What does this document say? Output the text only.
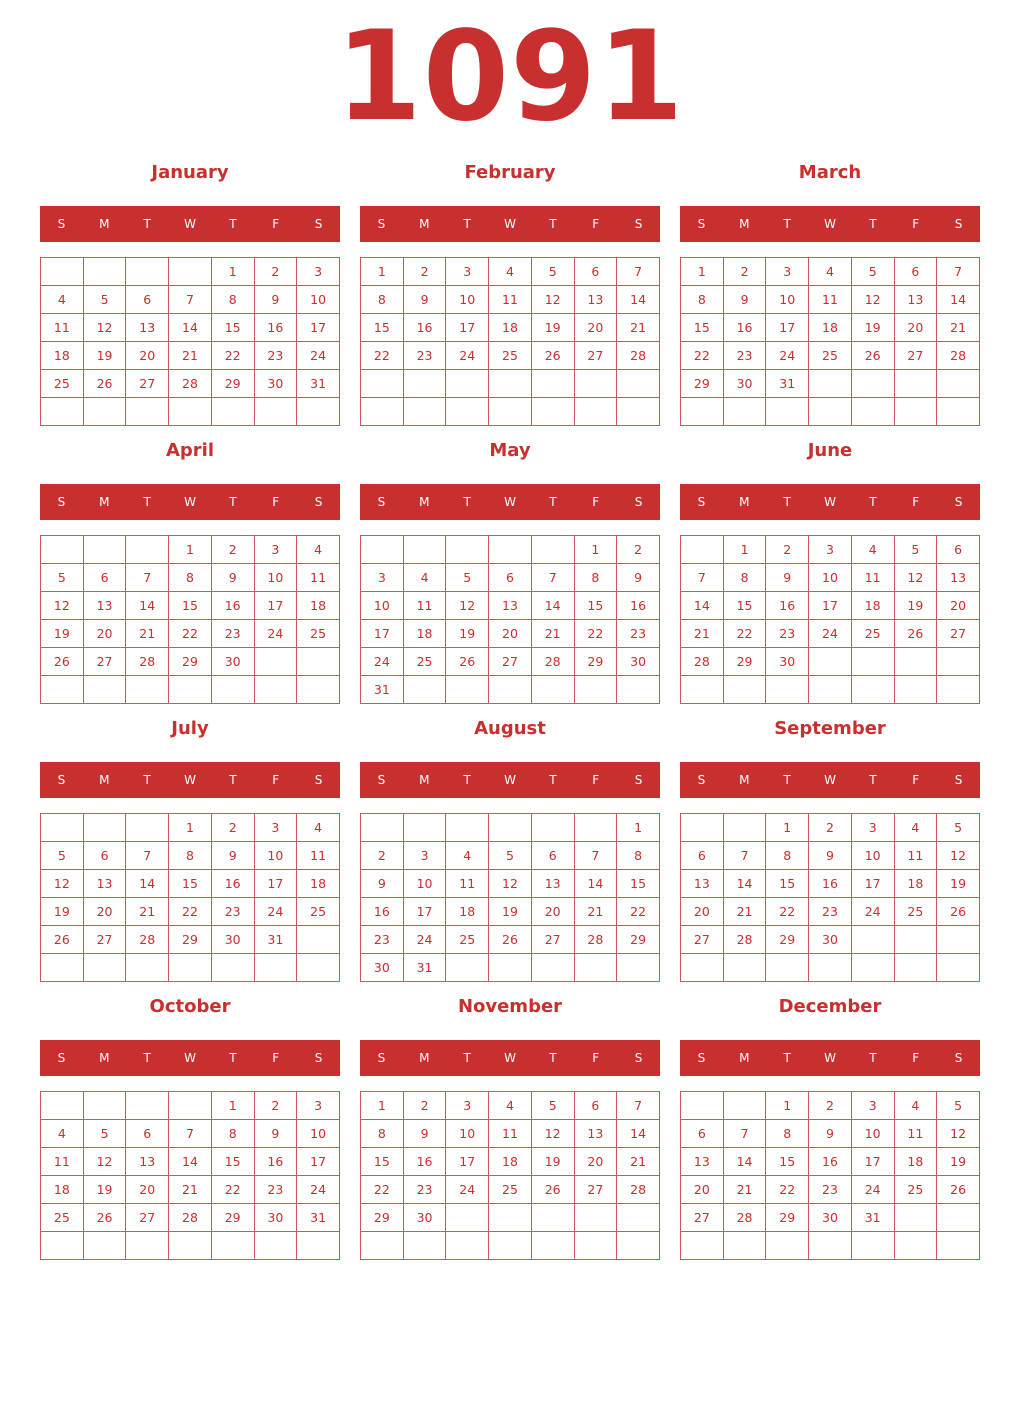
1091
January
S	M	T	W	T	F	S
				1	2	3
4	5	6	7	8	9	10
11	12	13	14	15	16	17
18	19	20	21	22	23	24
25	26	27	28	29	30	31

February
S	M	T	W	T	F	S
1	2	3	4	5	6	7
8	9	10	11	12	13	14
15	16	17	18	19	20	21
22	23	24	25	26	27	28

March
S	M	T	W	T	F	S
1	2	3	4	5	6	7
8	9	10	11	12	13	14
15	16	17	18	19	20	21
22	23	24	25	26	27	28
29	30	31				

April
S	M	T	W	T	F	S
			1	2	3	4
5	6	7	8	9	10	11
12	13	14	15	16	17	18
19	20	21	22	23	24	25
26	27	28	29	30		

May
S	M	T	W	T	F	S
					1	2
3	4	5	6	7	8	9
10	11	12	13	14	15	16
17	18	19	20	21	22	23
24	25	26	27	28	29	30
31						
June
S	M	T	W	T	F	S
	1	2	3	4	5	6
7	8	9	10	11	12	13
14	15	16	17	18	19	20
21	22	23	24	25	26	27
28	29	30				

July
S	M	T	W	T	F	S
			1	2	3	4
5	6	7	8	9	10	11
12	13	14	15	16	17	18
19	20	21	22	23	24	25
26	27	28	29	30	31	

August
S	M	T	W	T	F	S
						1
2	3	4	5	6	7	8
9	10	11	12	13	14	15
16	17	18	19	20	21	22
23	24	25	26	27	28	29
30	31					
September
S	M	T	W	T	F	S
		1	2	3	4	5
6	7	8	9	10	11	12
13	14	15	16	17	18	19
20	21	22	23	24	25	26
27	28	29	30			

October
S	M	T	W	T	F	S
				1	2	3
4	5	6	7	8	9	10
11	12	13	14	15	16	17
18	19	20	21	22	23	24
25	26	27	28	29	30	31

November
S	M	T	W	T	F	S
1	2	3	4	5	6	7
8	9	10	11	12	13	14
15	16	17	18	19	20	21
22	23	24	25	26	27	28
29	30					

December
S	M	T	W	T	F	S
		1	2	3	4	5
6	7	8	9	10	11	12
13	14	15	16	17	18	19
20	21	22	23	24	25	26
27	28	29	30	31		
